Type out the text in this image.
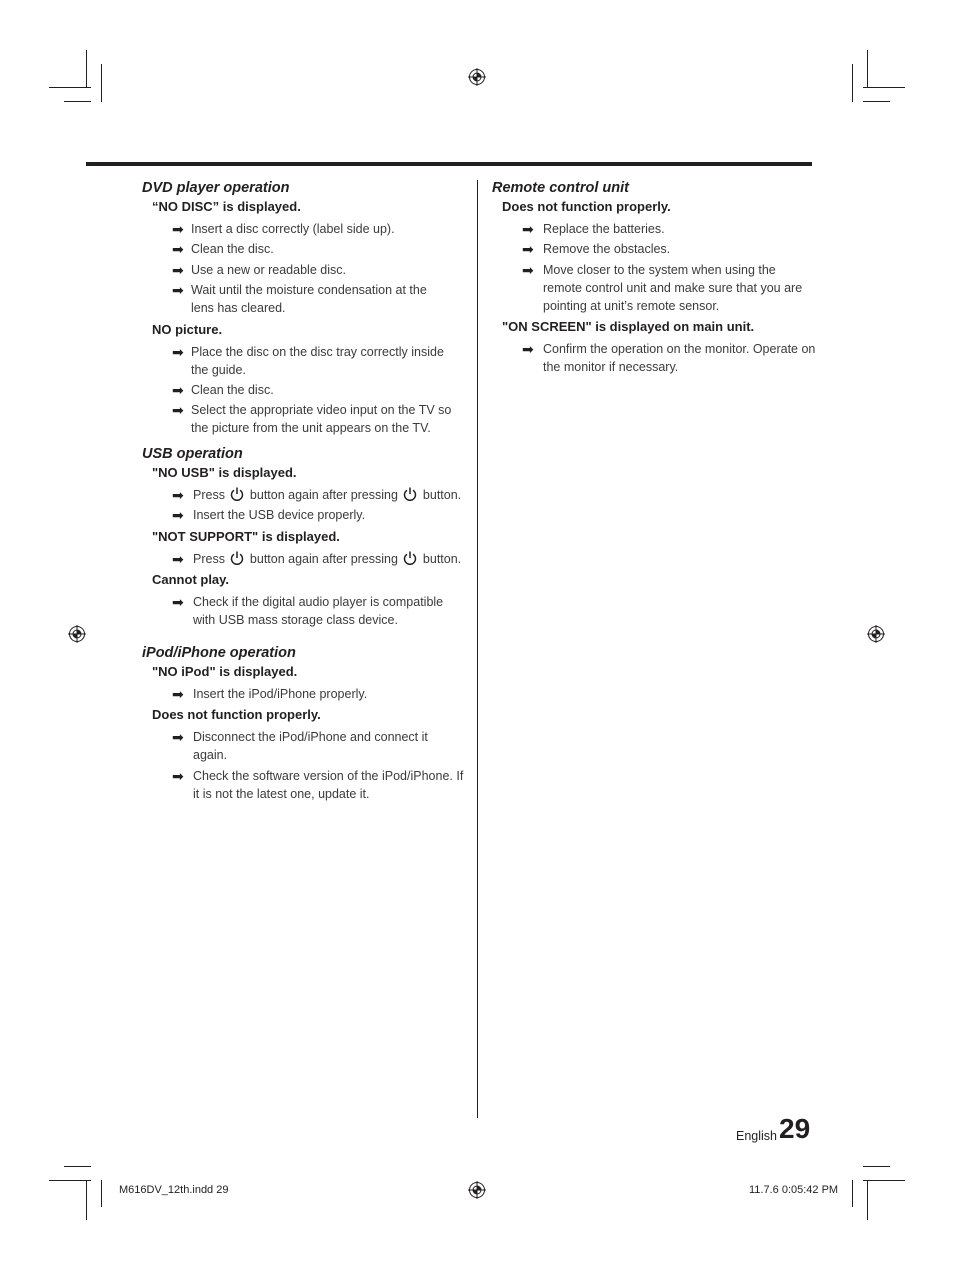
DVD player operation
“NO DISC” is displayed.
➡ Insert a disc correctly (label side up).
➡ Clean the disc.
➡ Use a new or readable disc.
➡ Wait until the moisture condensation at the lens has cleared.
NO picture.
➡ Place the disc on the disc tray correctly inside the guide.
➡ Clean the disc.
➡ Select the appropriate video input on the TV so the picture from the unit appears on the TV.
USB operation
"NO USB" is displayed.
➡ Press button again after pressing button.
➡ Insert the USB device properly.
"NOT SUPPORT" is displayed.
➡ Press button again after pressing button.
Cannot play.
➡ Check if the digital audio player is compatible with USB mass storage class device.
iPod/iPhone operation
"NO iPod" is displayed.
➡ Insert the iPod/iPhone properly.
Does not function properly.
➡ Disconnect the iPod/iPhone and connect it again.
➡ Check the software version of the iPod/iPhone. If it is not the latest one, update it.
Remote control unit
Does not function properly.
➡ Replace the batteries.
➡ Remove the obstacles.
➡ Move closer to the system when using the remote control unit and make sure that you are pointing at unit’s remote sensor.
"ON SCREEN" is displayed on main unit.
➡ Confirm the operation on the monitor. Operate on the monitor if necessary.
English 29
M616DV_12th.indd 29	11.7.6 0:05:42 PM
